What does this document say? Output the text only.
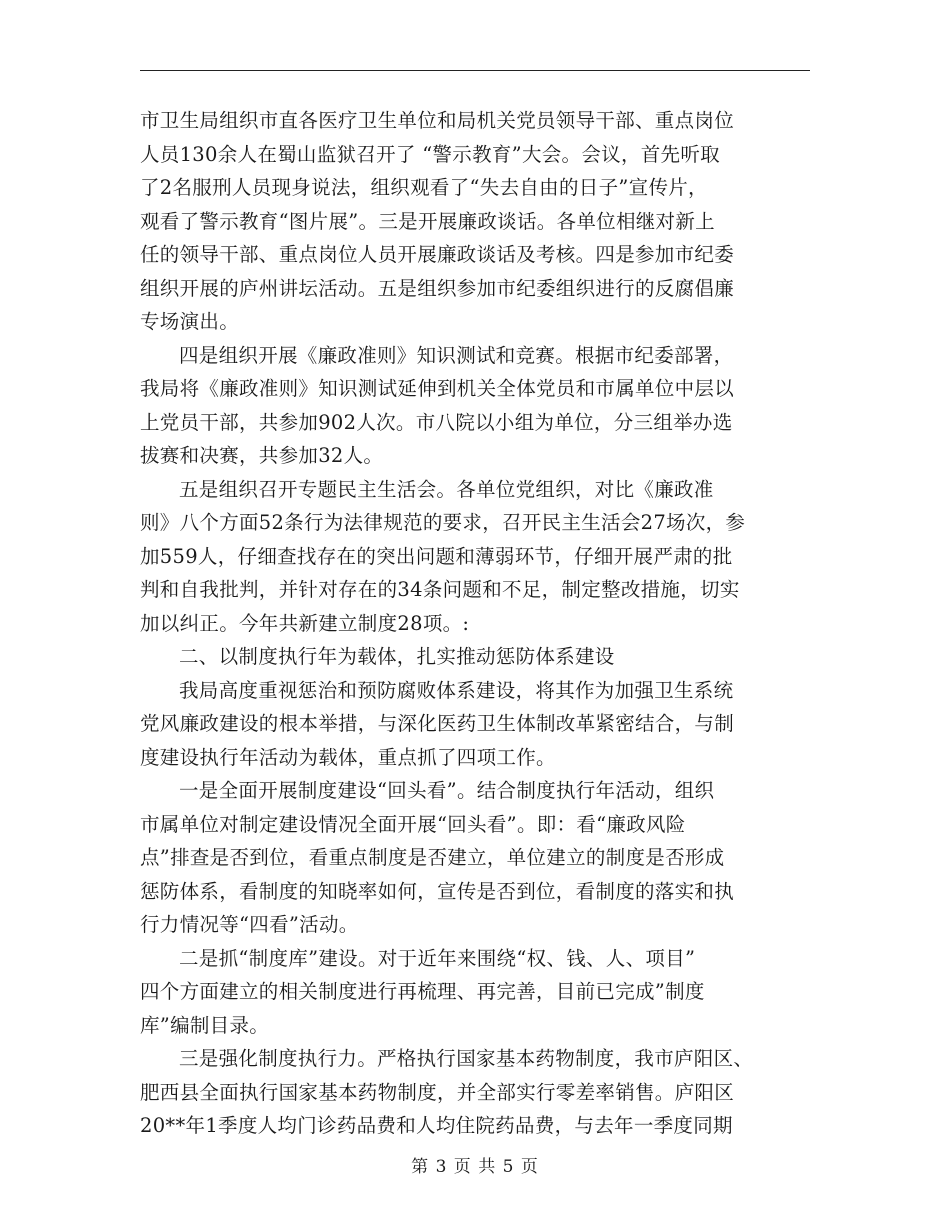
市卫生局组织市直各医疗卫生单位和局机关党员领导干部、重点岗位
人员130余人在蜀山监狱召开了 “警示教育”大会。会议，首先听取
了2名服刑人员现身说法，组织观看了“失去自由的日子”宣传片，
观看了警示教育“图片展”。三是开展廉政谈话。各单位相继对新上
任的领导干部、重点岗位人员开展廉政谈话及考核。四是参加市纪委
组织开展的庐州讲坛活动。五是组织参加市纪委组织进行的反腐倡廉
专场演出。
四是组织开展《廉政准则》知识测试和竞赛。根据市纪委部署，
我局将《廉政准则》知识测试延伸到机关全体党员和市属单位中层以
上党员干部，共参加902人次。市八院以小组为单位，分三组举办选
拔赛和决赛，共参加32人。
五是组织召开专题民主生活会。各单位党组织，对比《廉政准
则》八个方面52条行为法律规范的要求，召开民主生活会27场次，参
加559人，仔细查找存在的突出问题和薄弱环节，仔细开展严肃的批
判和自我批判，并针对存在的34条问题和不足，制定整改措施，切实
加以纠正。今年共新建立制度28项。:
二、以制度执行年为载体，扎实推动惩防体系建设
我局高度重视惩治和预防腐败体系建设，将其作为加强卫生系统
党风廉政建设的根本举措，与深化医药卫生体制改革紧密结合，与制
度建设执行年活动为载体，重点抓了四项工作。
一是全面开展制度建设“回头看”。结合制度执行年活动，组织
市属单位对制定建设情况全面开展“回头看”。即：看“廉政风险
点”排查是否到位，看重点制度是否建立，单位建立的制度是否形成
惩防体系，看制度的知晓率如何，宣传是否到位，看制度的落实和执
行力情况等“四看”活动。
二是抓“制度库”建设。对于近年来围绕“权、钱、人、项目”
四个方面建立的相关制度进行再梳理、再完善，目前已完成”制度
库”编制目录。
三是强化制度执行力。严格执行国家基本药物制度，我市庐阳区、
肥西县全面执行国家基本药物制度，并全部实行零差率销售。庐阳区
20**年1季度人均门诊药品费和人均住院药品费，与去年一季度同期
第 3 页 共 5 页
